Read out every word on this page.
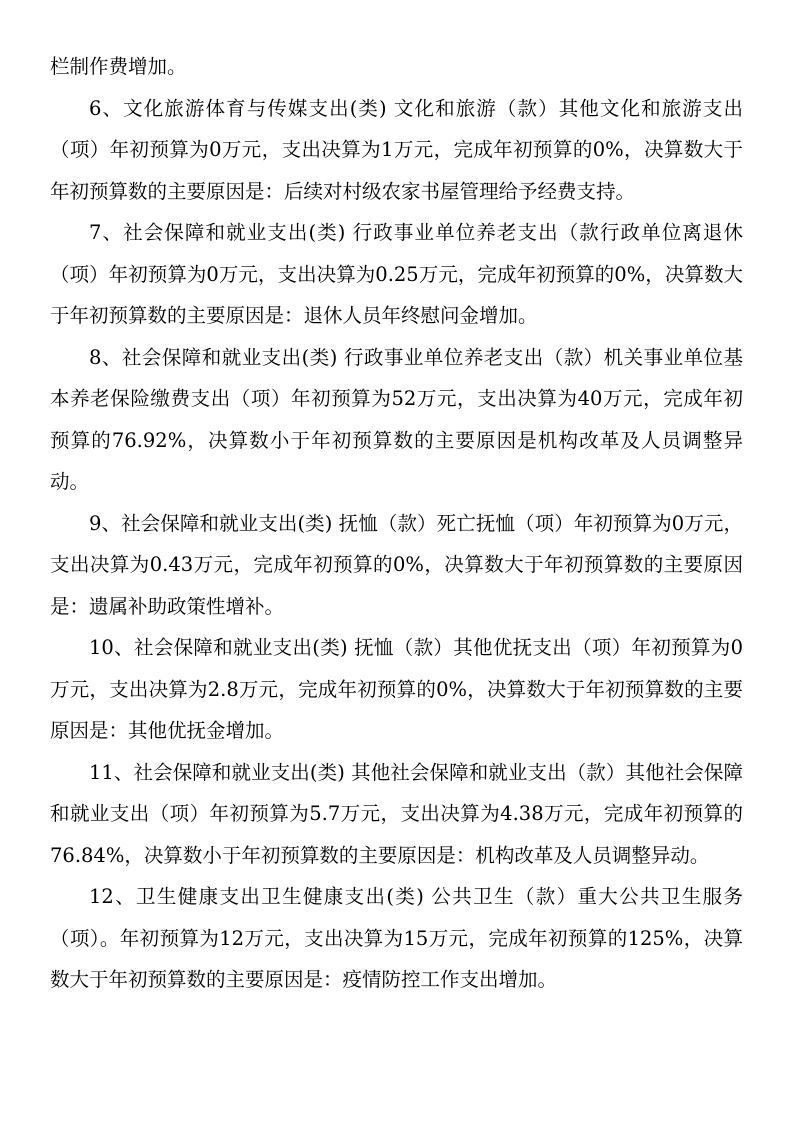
栏制作费增加。

6、文化旅游体育与传媒支出(类) 文化和旅游（款）其他文化和旅游支出（项）年初预算为0万元，支出决算为1万元，完成年初预算的0%，决算数大于年初预算数的主要原因是：后续对村级农家书屋管理给予经费支持。

7、社会保障和就业支出(类) 行政事业单位养老支出（款行政单位离退休（项）年初预算为0万元，支出决算为0.25万元，完成年初预算的0%，决算数大于年初预算数的主要原因是：退休人员年终慰问金增加。

8、社会保障和就业支出(类) 行政事业单位养老支出（款）机关事业单位基本养老保险缴费支出（项）年初预算为52万元，支出决算为40万元，完成年初预算的76.92%，决算数小于年初预算数的主要原因是机构改革及人员调整异动。

9、社会保障和就业支出(类) 抚恤（款）死亡抚恤（项）年初预算为0万元，支出决算为0.43万元，完成年初预算的0%，决算数大于年初预算数的主要原因是：遗属补助政策性增补。

10、社会保障和就业支出(类) 抚恤（款）其他优抚支出（项）年初预算为0万元，支出决算为2.8万元，完成年初预算的0%，决算数大于年初预算数的主要原因是：其他优抚金增加。

11、社会保障和就业支出(类) 其他社会保障和就业支出（款）其他社会保障和就业支出（项）年初预算为5.7万元，支出决算为4.38万元，完成年初预算的76.84%，决算数小于年初预算数的主要原因是：机构改革及人员调整异动。

12、卫生健康支出卫生健康支出(类) 公共卫生（款）重大公共卫生服务（项）。年初预算为12万元，支出决算为15万元，完成年初预算的125%，决算数大于年初预算数的主要原因是：疫情防控工作支出增加。
